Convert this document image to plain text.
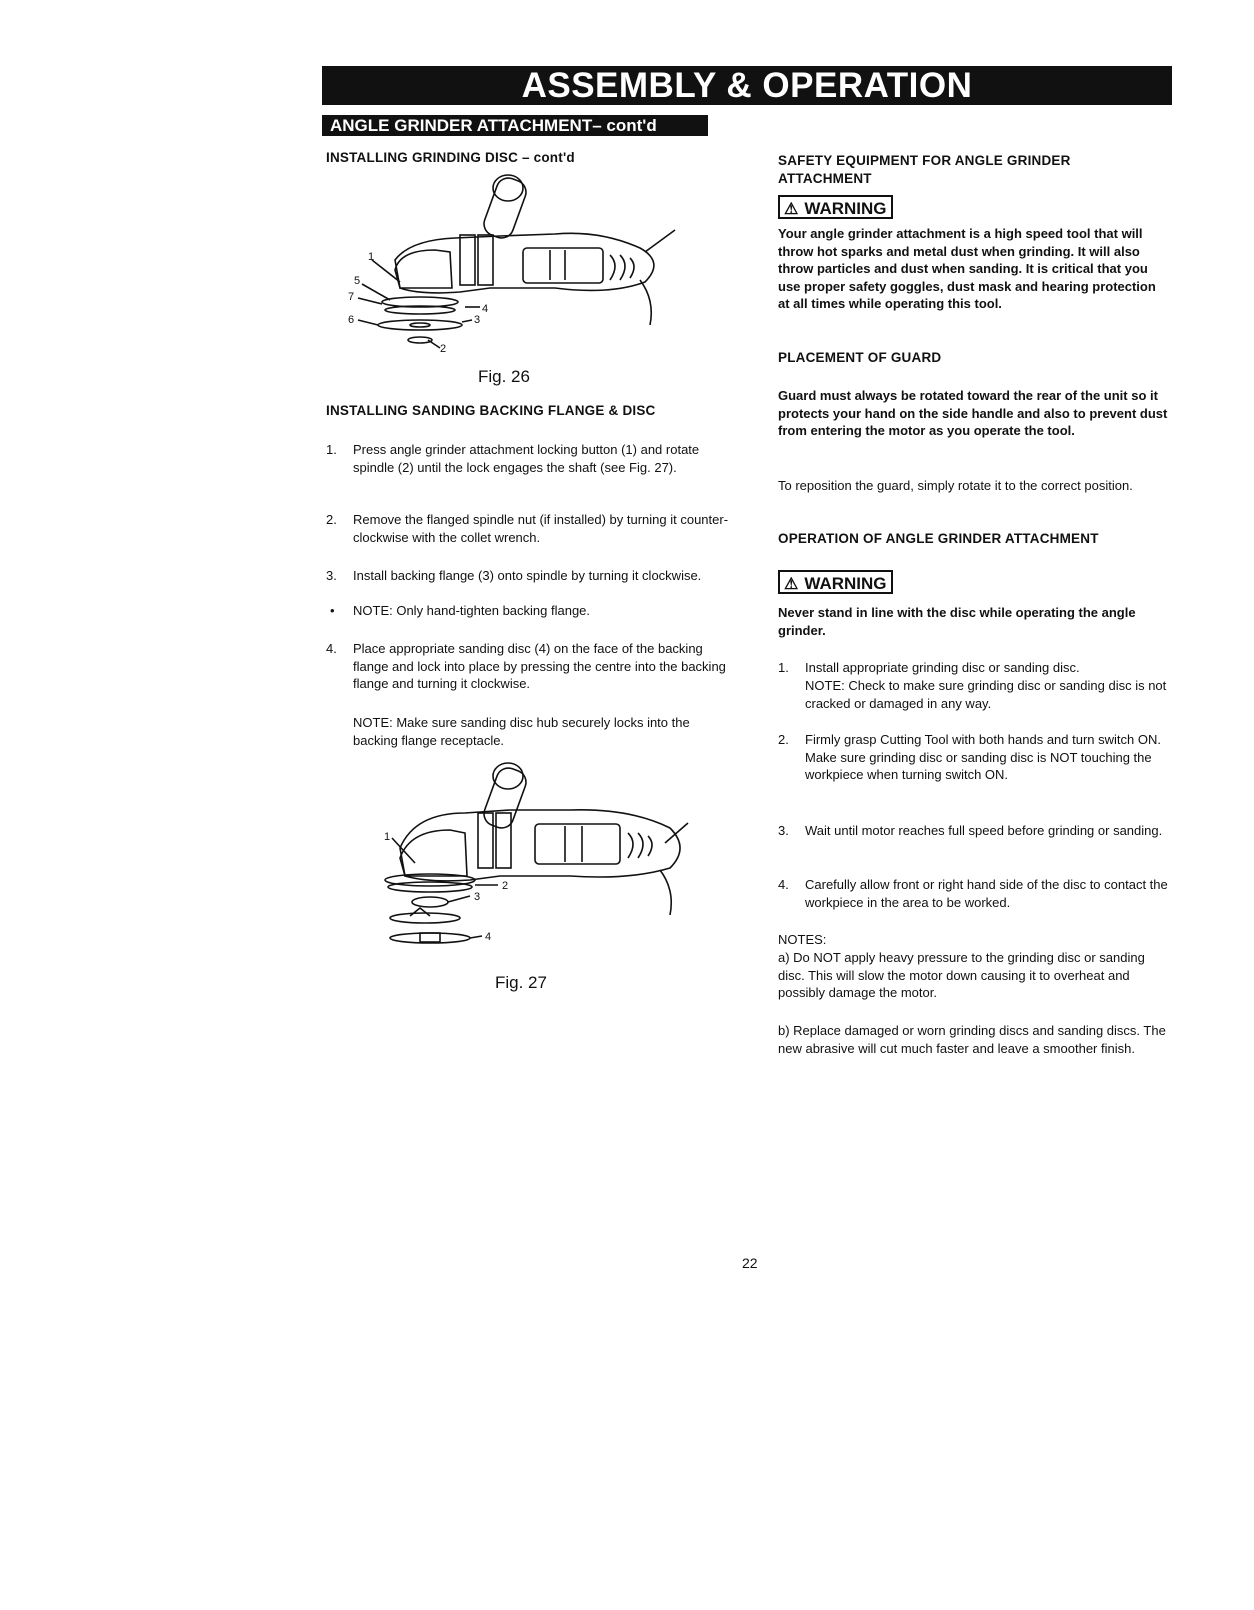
ASSEMBLY & OPERATION
ANGLE GRINDER ATTACHMENT– cont'd
INSTALLING GRINDING DISC – cont'd
1
5
7
4
6	3
2
Fig. 26
INSTALLING SANDING BACKING FLANGE & DISC
1. Press angle grinder attachment locking button (1) and rotate spindle (2) until the lock engages the shaft (see Fig. 27).
2. Remove the flanged spindle nut (if installed) by turning it counter-clockwise with the collet wrench.
3. Install backing flange (3) onto spindle by turning it clockwise.
• NOTE: Only hand-tighten backing flange.
4. Place appropriate sanding disc (4) on the face of the backing flange and lock into place by pressing the centre into the backing flange and turning it clockwise.
NOTE: Make sure sanding disc hub securely locks into the backing flange receptacle.
1
2
3
4
Fig. 27
SAFETY EQUIPMENT FOR ANGLE GRINDER ATTACHMENT
⚠ WARNING
Your angle grinder attachment is a high speed tool that will throw hot sparks and metal dust when grinding. It will also throw particles and dust when sanding. It is critical that you use proper safety goggles, dust mask and hearing protection at all times while operating this tool.
PLACEMENT OF GUARD
Guard must always be rotated toward the rear of the unit so it protects your hand on the side handle and also to prevent dust from entering the motor as you operate the tool.
To reposition the guard, simply rotate it to the correct position.
OPERATION OF ANGLE GRINDER ATTACHMENT
⚠ WARNING
Never stand in line with the disc while operating the angle grinder.
1. Install appropriate grinding disc or sanding disc.
NOTE: Check to make sure grinding disc or sanding disc is not cracked or damaged in any way.
2. Firmly grasp Cutting Tool with both hands and turn switch ON. Make sure grinding disc or sanding disc is NOT touching the workpiece when turning switch ON.
3. Wait until motor reaches full speed before grinding or sanding.
4. Carefully allow front or right hand side of the disc to contact the workpiece in the area to be worked.
NOTES:
a) Do NOT apply heavy pressure to the grinding disc or sanding disc. This will slow the motor down causing it to overheat and possibly damage the motor.
b) Replace damaged or worn grinding discs and sanding discs. The new abrasive will cut much faster and leave a smoother finish.
22
